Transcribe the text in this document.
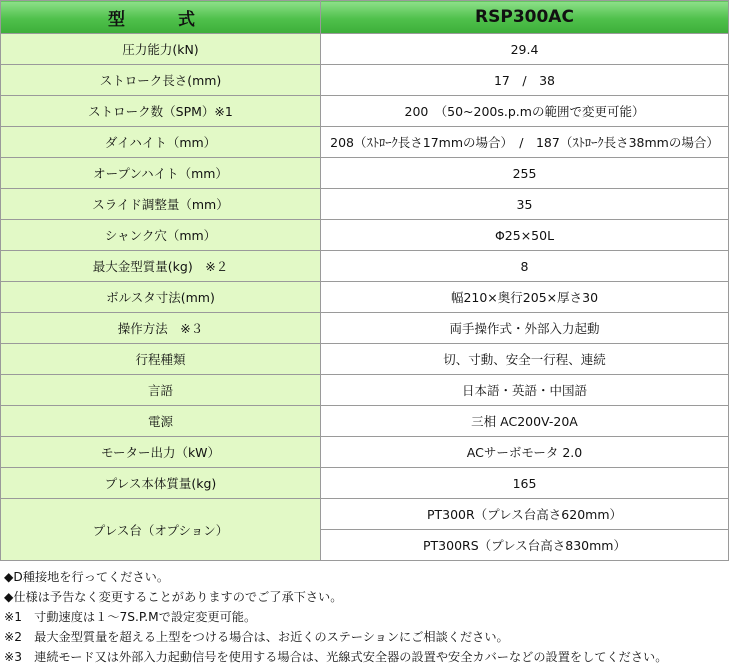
型　式	RSP300AC
圧力能力(kN)	29.4
ストローク長さ(mm)	17　/　38
ストローク数（SPM）※1	200　（50~200s.p.mの範囲で変更可能）
ダイハイト（mm）	208（ｽﾄﾛｰｸ長さ17mmの場合）　/　187（ｽﾄﾛｰｸ長さ38mmの場合）
オープンハイト（mm）	255
スライド調整量（mm）	35
シャンク穴（mm）	Φ25×50L
最大金型質量(kg)　※２	8
ボルスタ寸法(mm)	幅210×奥行205×厚さ30
操作方法　※３	両手操作式・外部入力起動
行程種類	切、寸動、安全一行程、連続
言語	日本語・英語・中国語
電源	三相 AC200V-20A
モーター出力（kW）	ACサーボモータ 2.0
プレス本体質量(kg)	165
プレス台（オプション）	PT300R（プレス台高さ620mm）
	PT300RS（プレス台高さ830mm）
◆D種接地を行ってください。
◆仕様は予告なく変更することがありますのでご了承下さい。
※1　寸動速度は１～7S.P.Mで設定変更可能。
※2　最大金型質量を超える上型をつける場合は、お近くのステーションにご相談ください。
※3　連続モード又は外部入力起動信号を使用する場合は、光線式安全器の設置や安全カバーなどの設置をしてください。
